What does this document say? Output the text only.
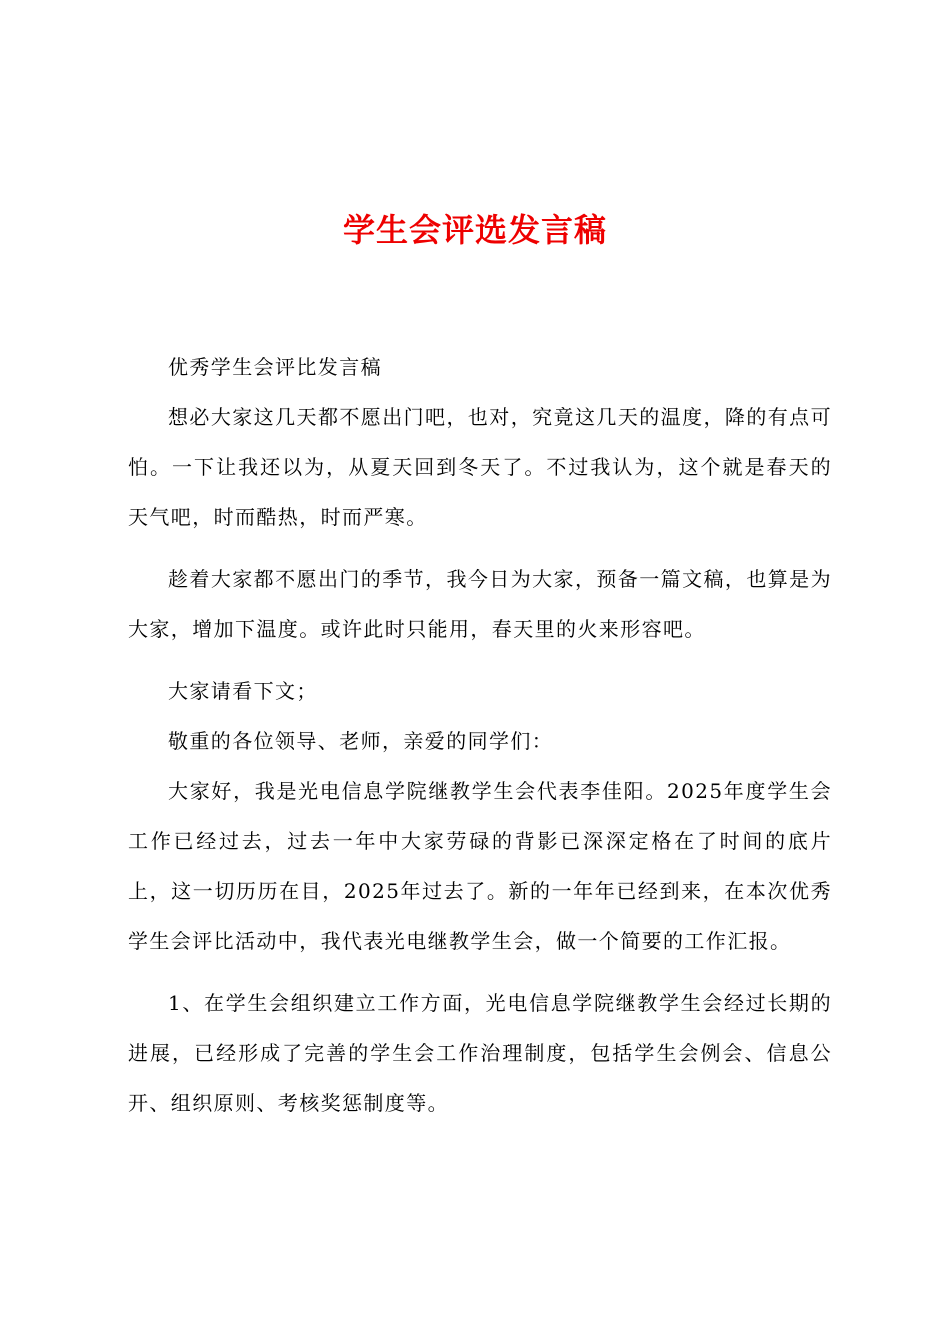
学生会评选发言稿

优秀学生会评比发言稿

想必大家这几天都不愿出门吧，也对，究竟这几天的温度，降的有点可怕。一下让我还以为，从夏天回到冬天了。不过我认为，这个就是春天的天气吧，时而酷热，时而严寒。

趁着大家都不愿出门的季节，我今日为大家，预备一篇文稿，也算是为大家，增加下温度。或许此时只能用，春天里的火来形容吧。

大家请看下文；

敬重的各位领导、老师，亲爱的同学们：

大家好，我是光电信息学院继教学生会代表李佳阳。2025年度学生会工作已经过去，过去一年中大家劳碌的背影已深深定格在了时间的底片上，这一切历历在目，2025年过去了。新的一年年已经到来，在本次优秀学生会评比活动中，我代表光电继教学生会，做一个简要的工作汇报。

1、在学生会组织建立工作方面，光电信息学院继教学生会经过长期的进展，已经形成了完善的学生会工作治理制度，包括学生会例会、信息公开、组织原则、考核奖惩制度等。
